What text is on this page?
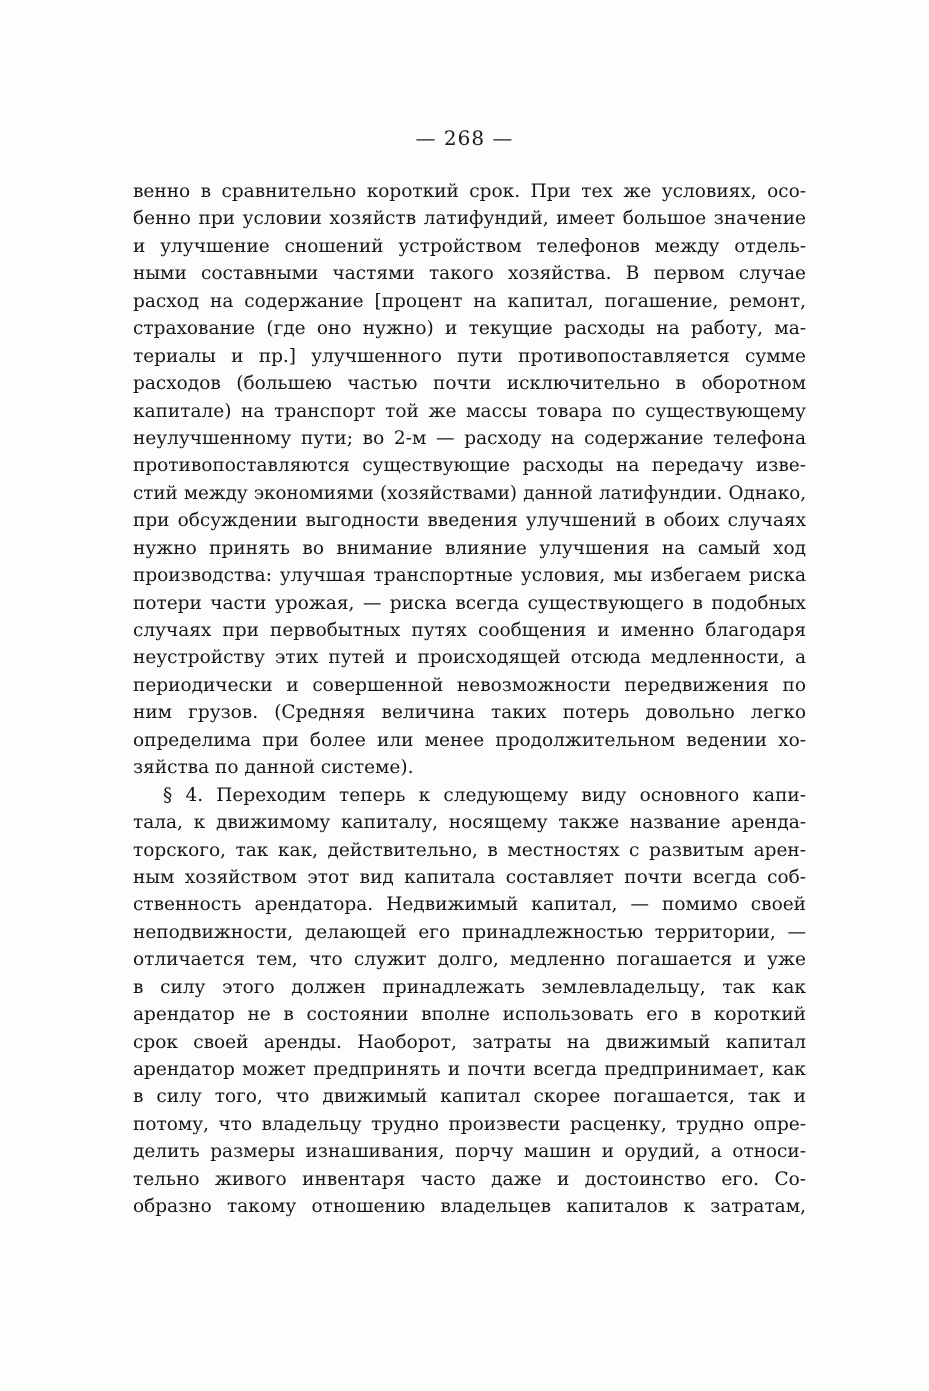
— 268 —
венно в сравнительно короткий срок. При тех же условиях, осо-
бенно при условии хозяйств латифундий, имеет большое значение
и улучшение сношений устройством телефонов между отдель-
ными составными частями такого хозяйства. В первом случае
расход на содержание [процент на капитал, погашение, ремонт,
страхование (где оно нужно) и текущие расходы на работу, ма-
териалы и пр.] улучшенного пути противопоставляется сумме
расходов (большею частью почти исключительно в оборотном
капитале) на транспорт той же массы товара по существующему
неулучшенному пути; во 2-м — расходу на содержание телефона
противопоставляются существующие расходы на передачу изве-
стий между экономиями (хозяйствами) данной латифундии. Однако,
при обсуждении выгодности введения улучшений в обоих случаях
нужно принять во внимание влияние улучшения на самый ход
производства: улучшая транспортные условия, мы избегаем риска
потери части урожая, — риска всегда существующего в подобных
случаях при первобытных путях сообщения и именно благодаря
неустройству этих путей и происходящей отсюда медленности, а
периодически и совершенной невозможности передвижения по
ним грузов. (Средняя величина таких потерь довольно легко
определима при более или менее продолжительном ведении хо-
зяйства по данной системе).
§ 4. Переходим теперь к следующему виду основного капи-
тала, к движимому капиталу, носящему также название аренда-
торского, так как, действительно, в местностях с развитым арен-
ным хозяйством этот вид капитала составляет почти всегда соб-
ственность арендатора. Недвижимый капитал, — помимо своей
неподвижности, делающей его принадлежностью территории, —
отличается тем, что служит долго, медленно погашается и уже
в силу этого должен принадлежать землевладельцу, так как
арендатор не в состоянии вполне использовать его в короткий
срок своей аренды. Наоборот, затраты на движимый капитал
арендатор может предпринять и почти всегда предпринимает, как
в силу того, что движимый капитал скорее погашается, так и
потому, что владельцу трудно произвести расценку, трудно опре-
делить размеры изнашивания, порчу машин и орудий, а относи-
тельно живого инвентаря часто даже и достоинство его. Со-
образно такому отношению владельцев капиталов к затратам,
